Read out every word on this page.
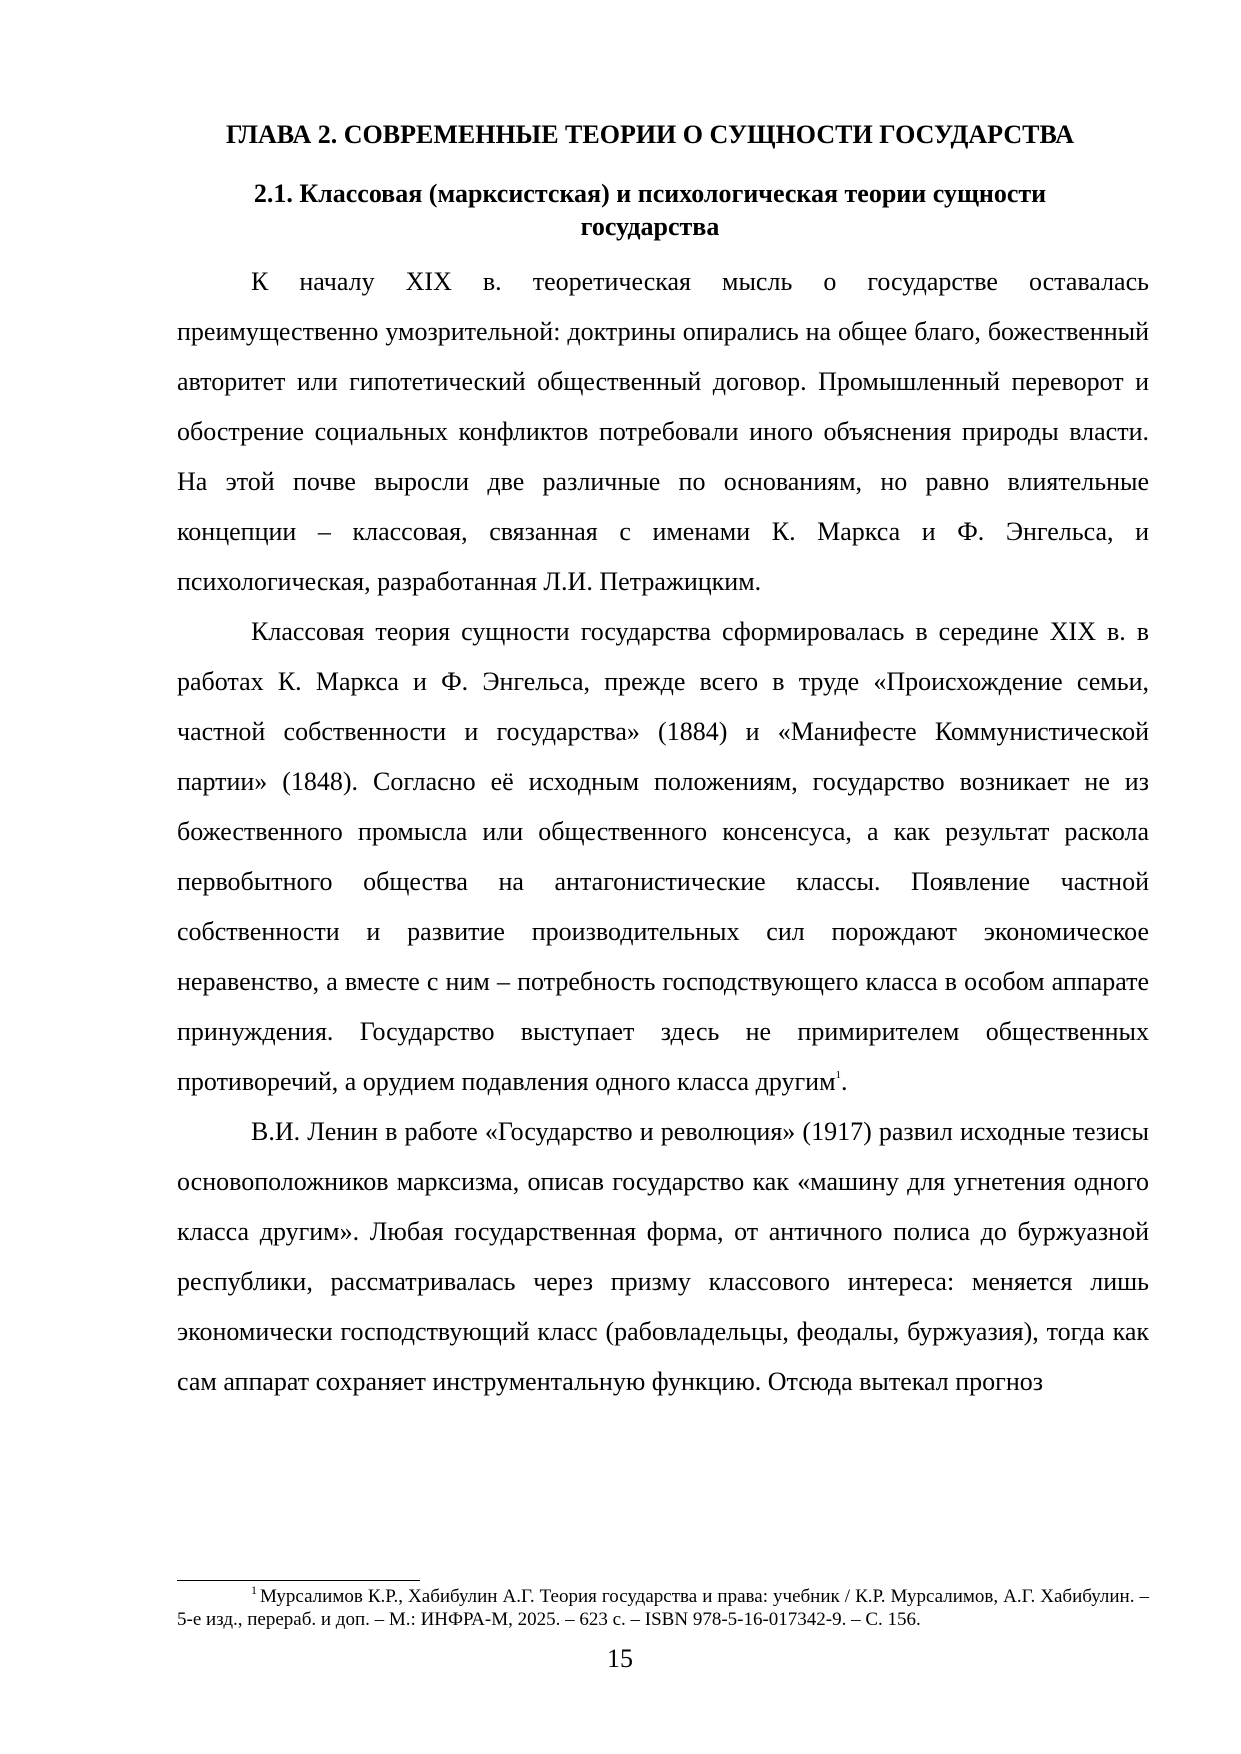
ГЛАВА 2. СОВРЕМЕННЫЕ ТЕОРИИ О СУЩНОСТИ ГОСУДАРСТВА
2.1. Классовая (марксистская) и психологическая теории сущности государства

К началу XIX в. теоретическая мысль о государстве оставалась преимущественно умозрительной: доктрины опирались на общее благо, божественный авторитет или гипотетический общественный договор. Промышленный переворот и обострение социальных конфликтов потребовали иного объяснения природы власти. На этой почве выросли две различные по основаниям, но равно влиятельные концепции – классовая, связанная с именами К. Маркса и Ф. Энгельса, и психологическая, разработанная Л.И. Петражицким.

Классовая теория сущности государства сформировалась в середине XIX в. в работах К. Маркса и Ф. Энгельса, прежде всего в труде «Происхождение семьи, частной собственности и государства» (1884) и «Манифесте Коммунистической партии» (1848). Согласно её исходным положениям, государство возникает не из божественного промысла или общественного консенсуса, а как результат раскола первобытного общества на антагонистические классы. Появление частной собственности и развитие производительных сил порождают экономическое неравенство, а вместе с ним – потребность господствующего класса в особом аппарате принуждения. Государство выступает здесь не примирителем общественных противоречий, а орудием подавления одного класса другим$^1$.

В.И. Ленин в работе «Государство и революция» (1917) развил исходные тезисы основоположников марксизма, описав государство как «машину для угнетения одного класса другим». Любая государственная форма, от античного полиса до буржуазной республики, рассматривалась через призму классового интереса: меняется лишь экономически господствующий класс (рабовладельцы, феодалы, буржуазия), тогда как сам аппарат сохраняет инструментальную функцию. Отсюда вытекал прогноз

$^1$ Мурсалимов К.Р., Хабибулин А.Г. Теория государства и права: учебник / К.Р. Мурсалимов, А.Г. Хабибулин. – 5-е изд., перераб. и доп. – М.: ИНФРА-М, 2025. – 623 с. – ISBN 978-5-16-017342-9. – С. 156.

15
